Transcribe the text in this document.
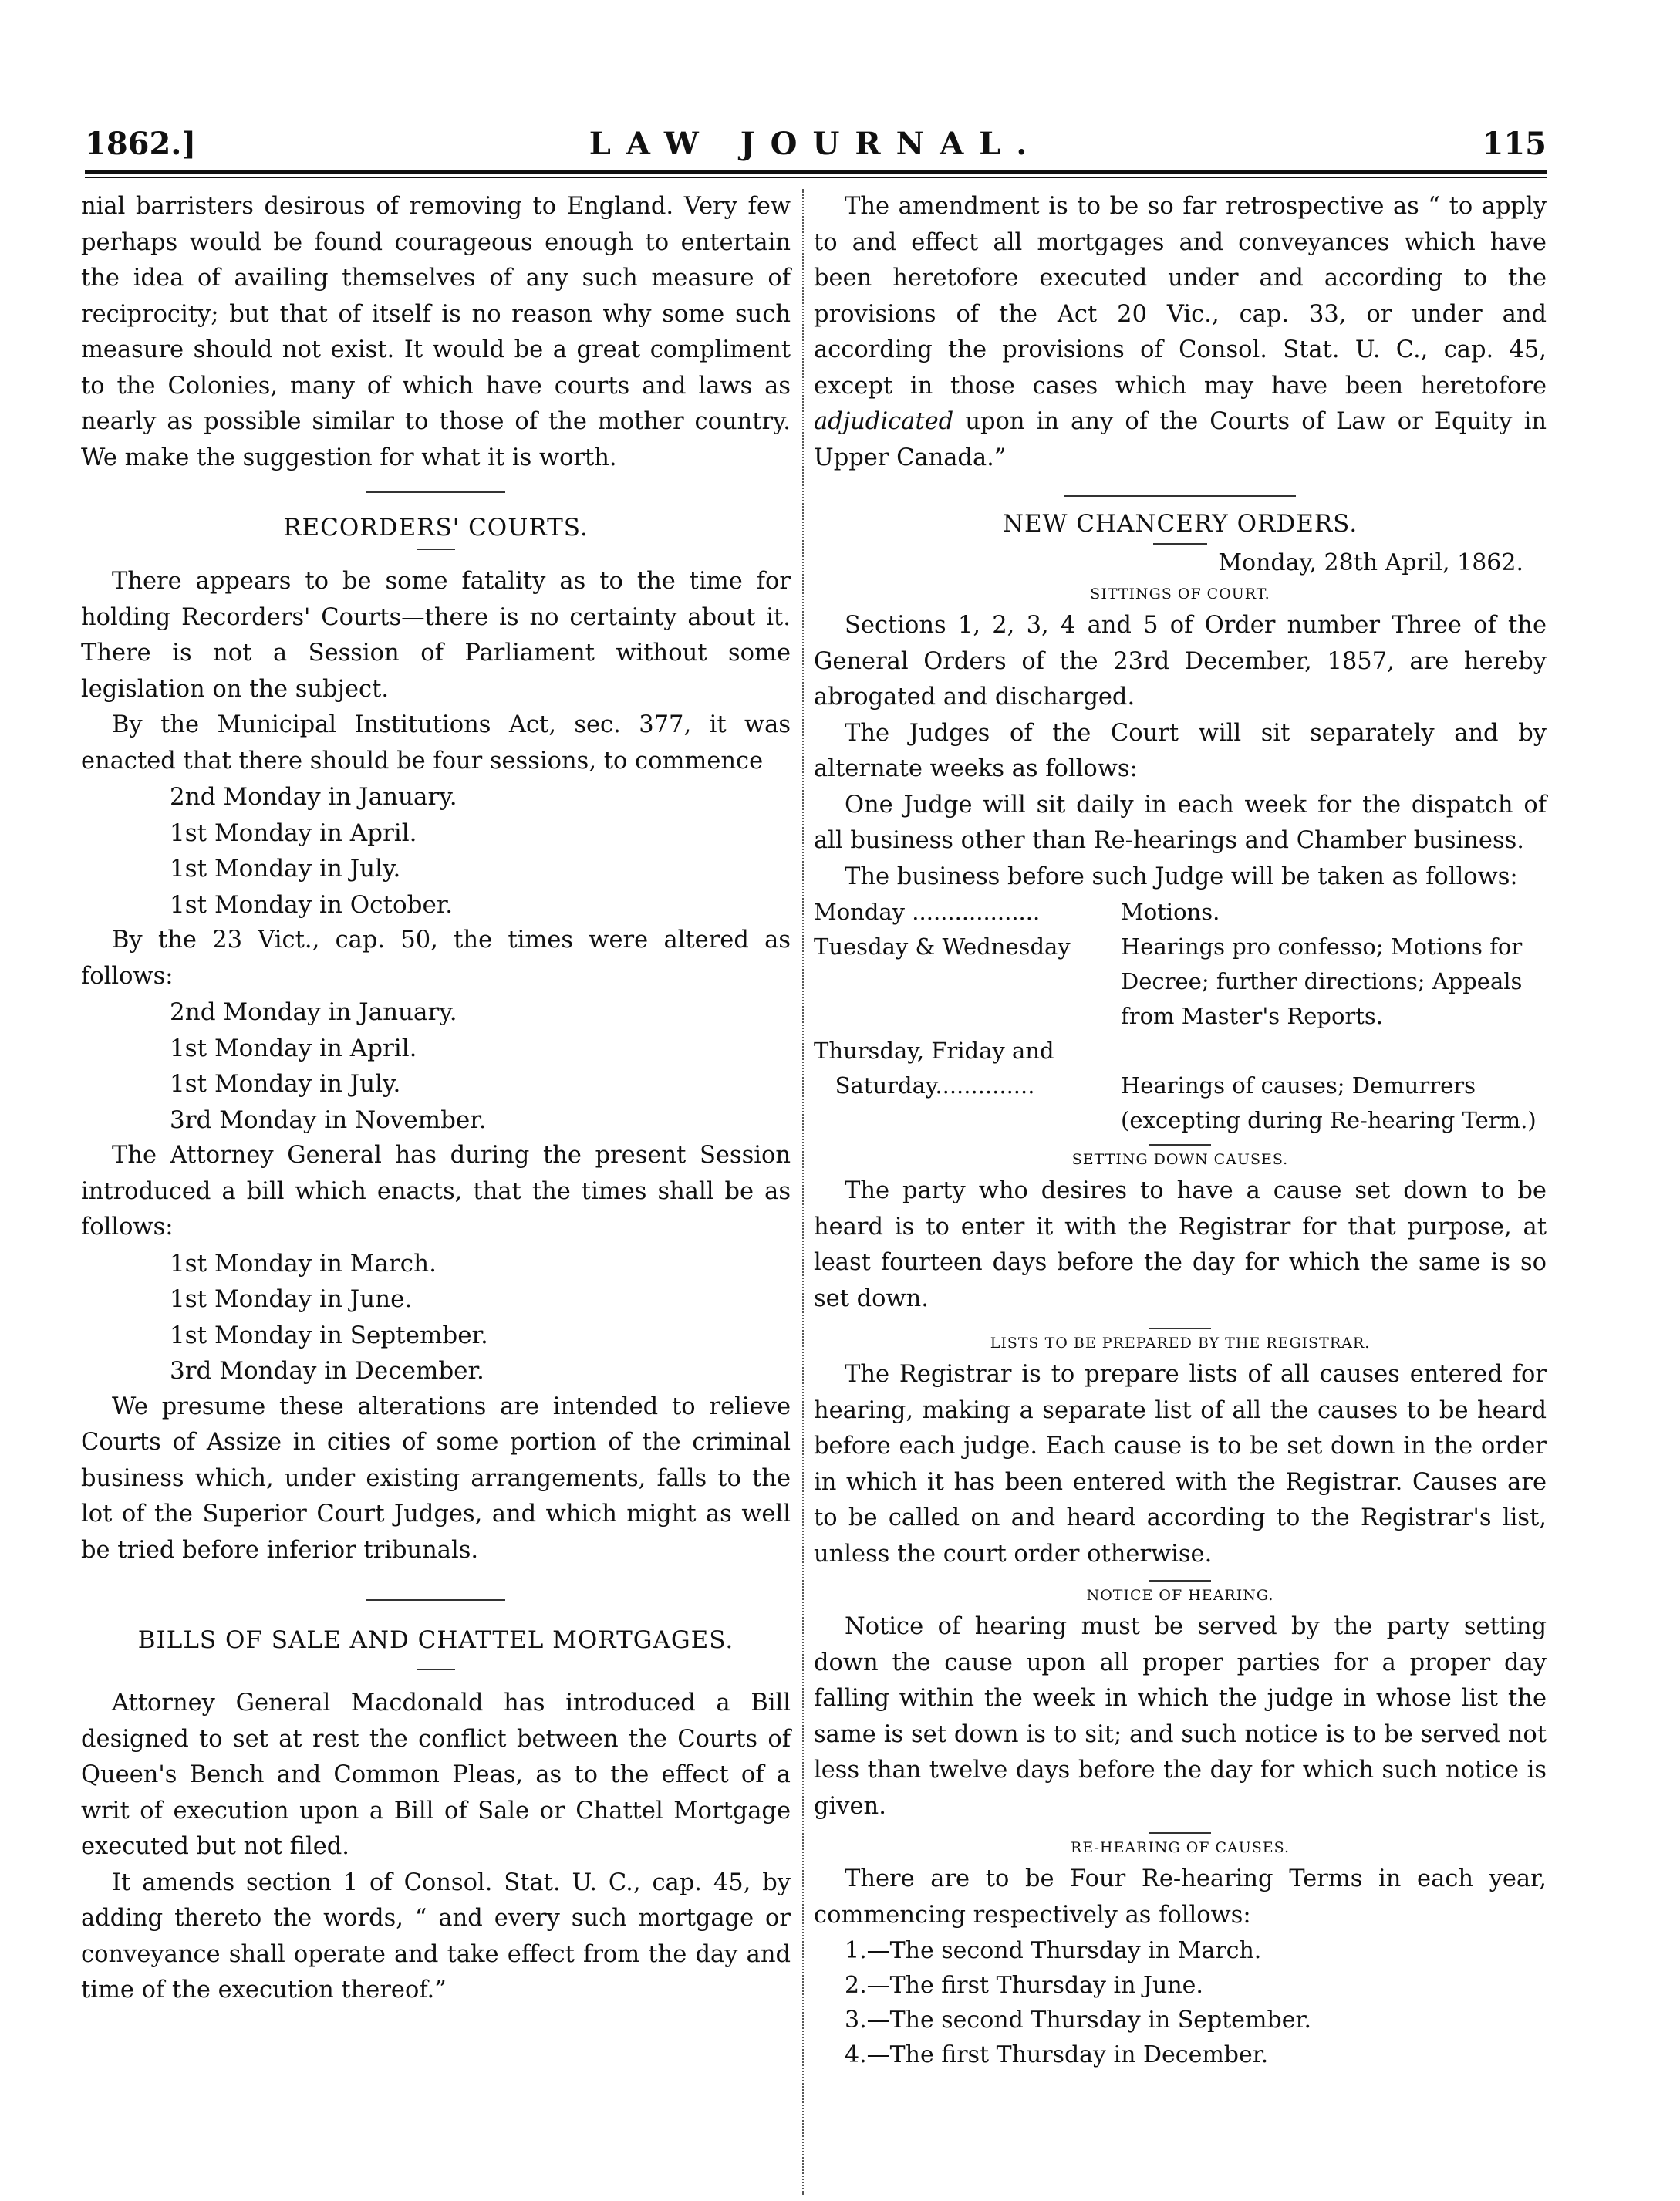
1862.]	LAW JOURNAL.	115

nial barristers desirous of removing to England. Very few perhaps would be found courageous enough to entertain the idea of availing themselves of any such measure of reciprocity; but that of itself is no reason why some such measure should not exist. It would be a great compliment to the Colonies, many of which have courts and laws as nearly as possible similar to those of the mother country. We make the suggestion for what it is worth.

RECORDERS' COURTS.

There appears to be some fatality as to the time for holding Recorders' Courts—there is no certainty about it. There is not a Session of Parliament without some legislation on the subject.

By the Municipal Institutions Act, sec. 377, it was enacted that there should be four sessions, to commence

2nd Monday in January.
1st Monday in April.
1st Monday in July.
1st Monday in October.

By the 23 Vict., cap. 50, the times were altered as follows:

2nd Monday in January.
1st Monday in April.
1st Monday in July.
3rd Monday in November.

The Attorney General has during the present Session introduced a bill which enacts, that the times shall be as follows:

1st Monday in March.
1st Monday in June.
1st Monday in September.
3rd Monday in December.

We presume these alterations are intended to relieve Courts of Assize in cities of some portion of the criminal business which, under existing arrangements, falls to the lot of the Superior Court Judges, and which might as well be tried before inferior tribunals.

BILLS OF SALE AND CHATTEL MORTGAGES.

Attorney General Macdonald has introduced a Bill designed to set at rest the conflict between the Courts of Queen's Bench and Common Pleas, as to the effect of a writ of execution upon a Bill of Sale or Chattel Mortgage executed but not filed.

It amends section 1 of Consol. Stat. U. C., cap. 45, by adding thereto the words, “ and every such mortgage or conveyance shall operate and take effect from the day and time of the execution thereof.”

The amendment is to be so far retrospective as “ to apply to and effect all mortgages and conveyances which have been heretofore executed under and according to the provisions of the Act 20 Vic., cap. 33, or under and according the provisions of Consol. Stat. U. C., cap. 45, except in those cases which may have been heretofore adjudicated upon in any of the Courts of Law or Equity in Upper Canada.”

NEW CHANCERY ORDERS.
Monday, 28th April, 1862.
SITTINGS OF COURT.

Sections 1, 2, 3, 4 and 5 of Order number Three of the General Orders of the 23rd December, 1857, are hereby abrogated and discharged.

The Judges of the Court will sit separately and by alternate weeks as follows:

One Judge will sit daily in each week for the dispatch of all business other than Re-hearings and Chamber business.

The business before such Judge will be taken as follows:

Monday ..................	Motions.
Tuesday & Wednesday	Hearings pro confesso; Motions for Decree; further directions; Appeals from Master's Reports.
Thursday, Friday and
Saturday..............	Hearings of causes; Demurrers (excepting during Re-hearing Term.)
SETTING DOWN CAUSES.

The party who desires to have a cause set down to be heard is to enter it with the Registrar for that purpose, at least fourteen days before the day for which the same is so set down.

LISTS TO BE PREPARED BY THE REGISTRAR.

The Registrar is to prepare lists of all causes entered for hearing, making a separate list of all the causes to be heard before each judge. Each cause is to be set down in the order in which it has been entered with the Registrar. Causes are to be called on and heard according to the Registrar's list, unless the court order otherwise.

NOTICE OF HEARING.

Notice of hearing must be served by the party setting down the cause upon all proper parties for a proper day falling within the week in which the judge in whose list the same is set down is to sit; and such notice is to be served not less than twelve days before the day for which such notice is given.

RE-HEARING OF CAUSES.

There are to be Four Re-hearing Terms in each year, commencing respectively as follows:

1.—The second Thursday in March.
2.—The first Thursday in June.
3.—The second Thursday in September.
4.—The first Thursday in December.
